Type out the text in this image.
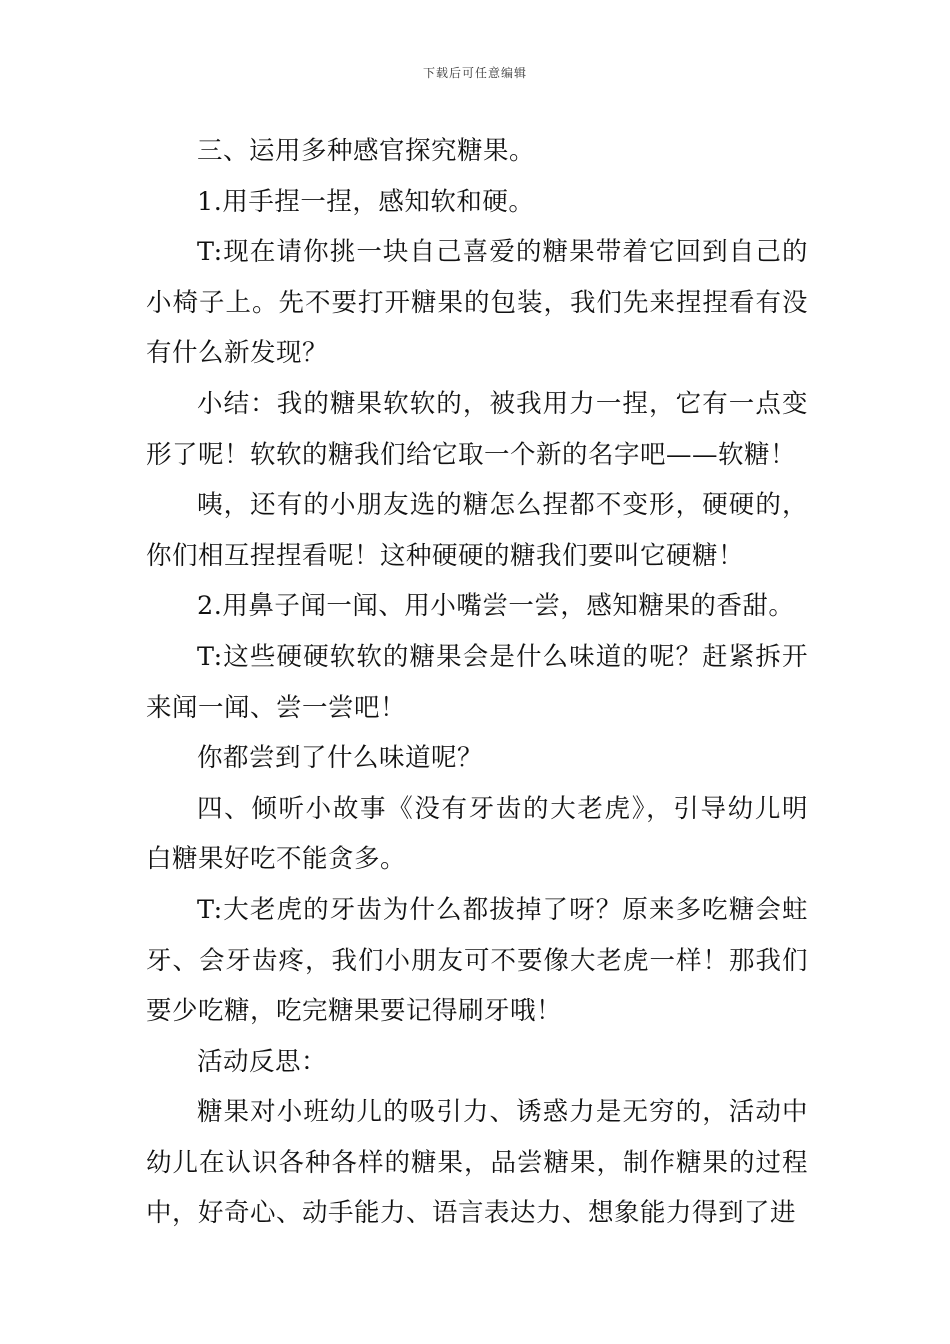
下载后可任意编辑

三、运用多种感官探究糖果。

1.用手捏一捏，感知软和硬。

T:现在请你挑一块自己喜爱的糖果带着它回到自己的小椅子上。先不要打开糖果的包装，我们先来捏捏看有没有什么新发现？

小结：我的糖果软软的，被我用力一捏，它有一点变形了呢！软软的糖我们给它取一个新的名字吧——软糖！

咦，还有的小朋友选的糖怎么捏都不变形，硬硬的，你们相互捏捏看呢！这种硬硬的糖我们要叫它硬糖！

2.用鼻子闻一闻、用小嘴尝一尝，感知糖果的香甜。

T:这些硬硬软软的糖果会是什么味道的呢？赶紧拆开来闻一闻、尝一尝吧！

你都尝到了什么味道呢？

四、倾听小故事《没有牙齿的大老虎》，引导幼儿明白糖果好吃不能贪多。

T:大老虎的牙齿为什么都拔掉了呀？原来多吃糖会蛀牙、会牙齿疼，我们小朋友可不要像大老虎一样！那我们要少吃糖，吃完糖果要记得刷牙哦！

活动反思：

糖果对小班幼儿的吸引力、诱惑力是无穷的，活动中幼儿在认识各种各样的糖果，品尝糖果，制作糖果的过程中，好奇心、动手能力、语言表达力、想象能力得到了进
